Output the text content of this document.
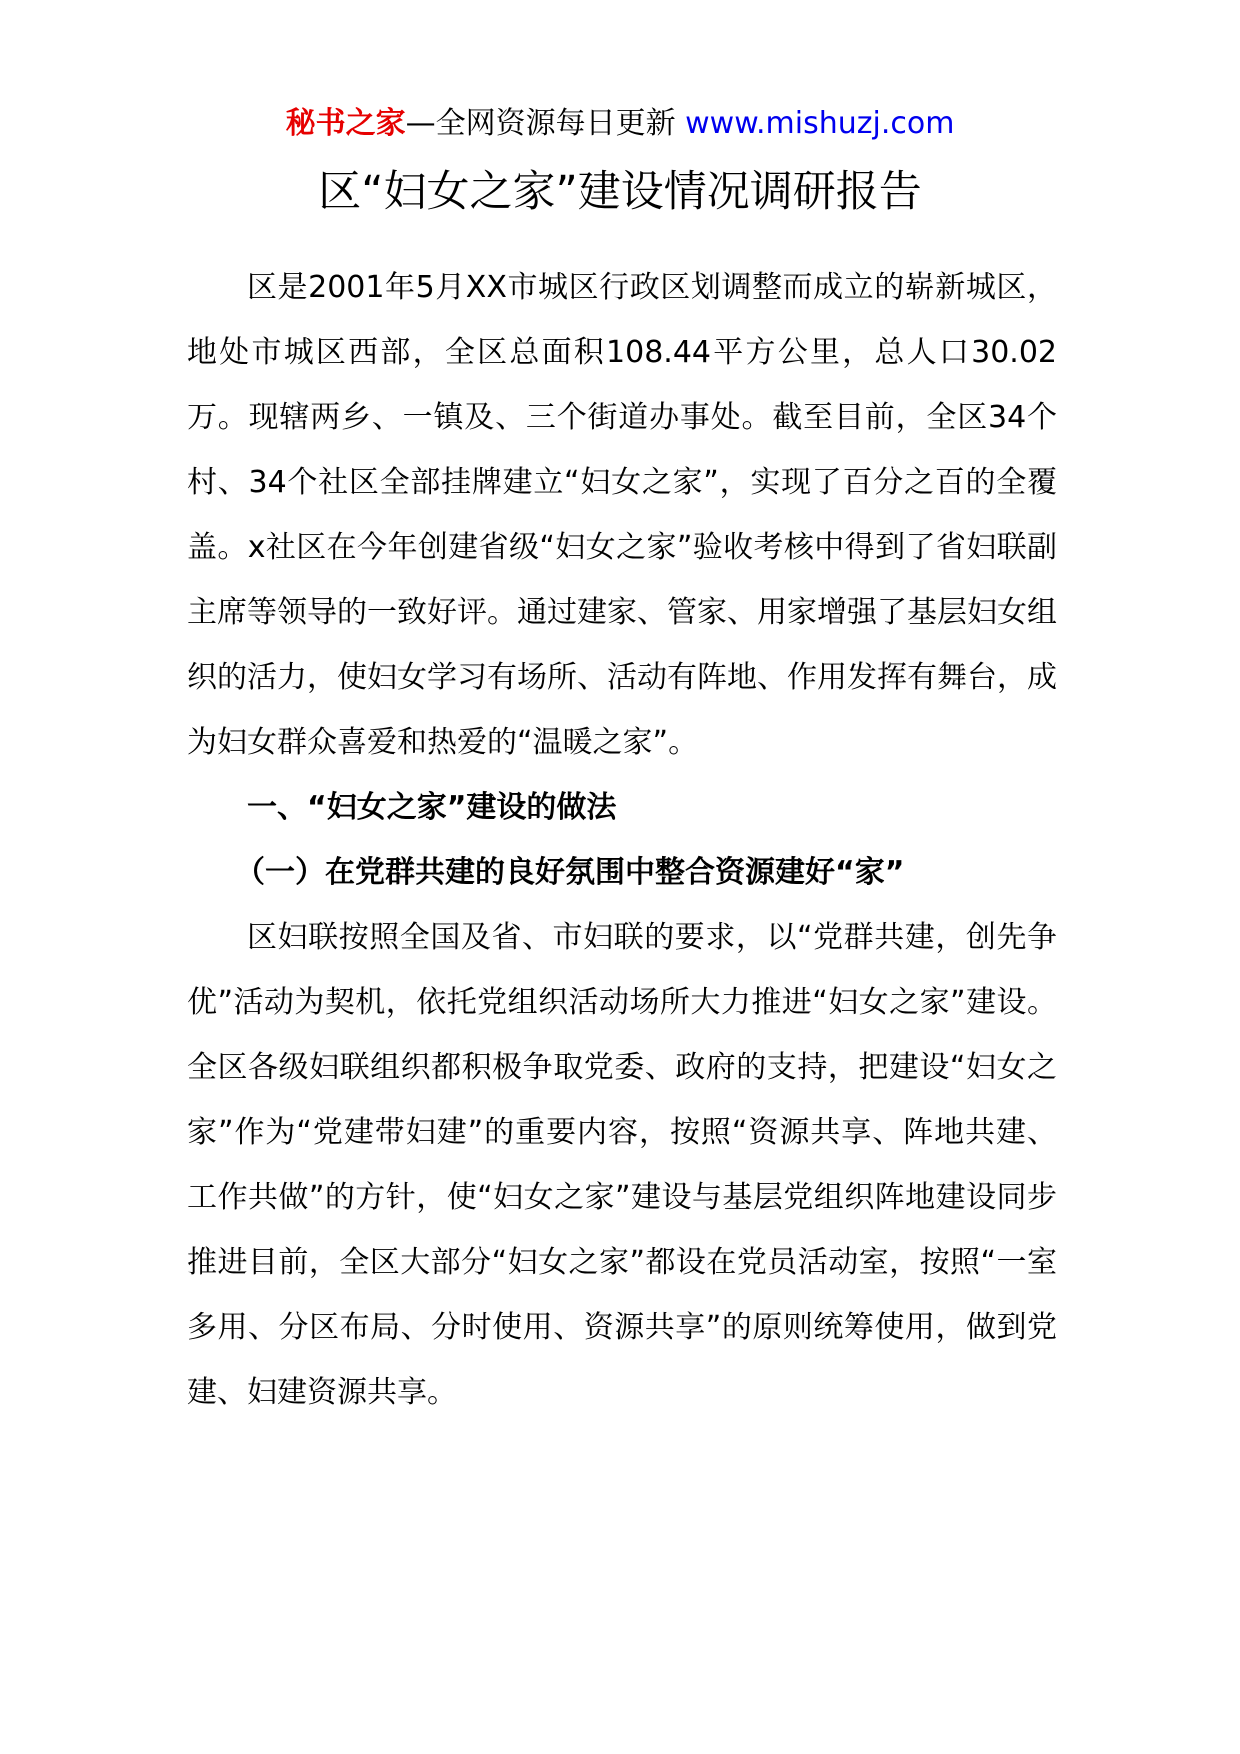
秘书之家—全网资源每日更新 www.mishuzj.com
区“妇女之家”建设情况调研报告

区是2001年5月XX市城区行政区划调整而成立的崭新城区，地处市城区西部，全区总面积108.44平方公里，总人口30.02万。现辖两乡、一镇及、三个街道办事处。截至目前，全区34个村、34个社区全部挂牌建立“妇女之家”，实现了百分之百的全覆盖。x社区在今年创建省级“妇女之家”验收考核中得到了省妇联副主席等领导的一致好评。通过建家、管家、用家增强了基层妇女组织的活力，使妇女学习有场所、活动有阵地、作用发挥有舞台，成为妇女群众喜爱和热爱的“温暖之家”。

一、“妇女之家”建设的做法

（一）在党群共建的良好氛围中整合资源建好“家”

区妇联按照全国及省、市妇联的要求，以“党群共建，创先争优”活动为契机，依托党组织活动场所大力推进“妇女之家”建设。全区各级妇联组织都积极争取党委、政府的支持，把建设“妇女之家”作为“党建带妇建”的重要内容，按照“资源共享、阵地共建、工作共做”的方针，使“妇女之家”建设与基层党组织阵地建设同步推进目前，全区大部分“妇女之家”都设在党员活动室，按照“一室多用、分区布局、分时使用、资源共享”的原则统筹使用，做到党建、妇建资源共享。
